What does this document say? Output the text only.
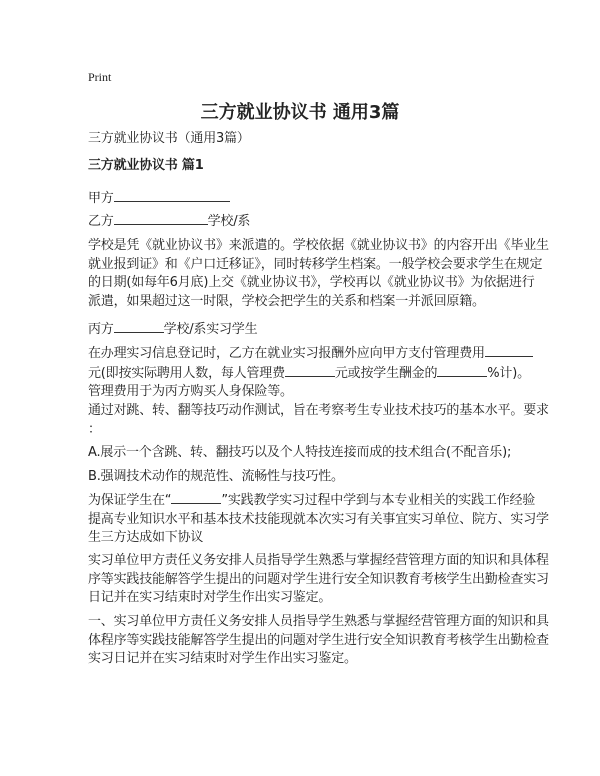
Print
三方就业协议书 通用3篇
三方就业协议书（通用3篇）
三方就业协议书 篇1
甲方
乙方	学校/系
学校是凭《就业协议书》来派遣的。学校依据《就业协议书》的内容开出《毕业生
就业报到证》和《户口迁移证》，同时转移学生档案。一般学校会要求学生在规定
的日期(如每年6月底)上交《就业协议书》，学校再以《就业协议书》为依据进行
派遣，如果超过这一时限，学校会把学生的关系和档案一并派回原籍。
丙方	学校/系实习学生
在办理实习信息登记时，乙方在就业实习报酬外应向甲方支付管理费用
元(即按实际聘用人数，每人管理费	元或按学生酬金的	%计)。
管理费用于为丙方购买人身保险等。
通过对跳、转、翻等技巧动作测试，旨在考察考生专业技术技巧的基本水平。要求
：
A.展示一个含跳、转、翻技巧以及个人特技连接而成的技术组合(不配音乐);
B.强调技术动作的规范性、流畅性与技巧性。
为保证学生在“	”实践教学实习过程中学到与本专业相关的实践工作经验
提高专业知识水平和基本技术技能现就本次实习有关事宜实习单位、院方、实习学
生三方达成如下协议
实习单位甲方责任义务安排人员指导学生熟悉与掌握经营管理方面的知识和具体程
序等实践技能解答学生提出的问题对学生进行安全知识教育考核学生出勤检查实习
日记并在实习结束时对学生作出实习鉴定。
一、实习单位甲方责任义务安排人员指导学生熟悉与掌握经营管理方面的知识和具
体程序等实践技能解答学生提出的问题对学生进行安全知识教育考核学生出勤检查
实习日记并在实习结束时对学生作出实习鉴定。
